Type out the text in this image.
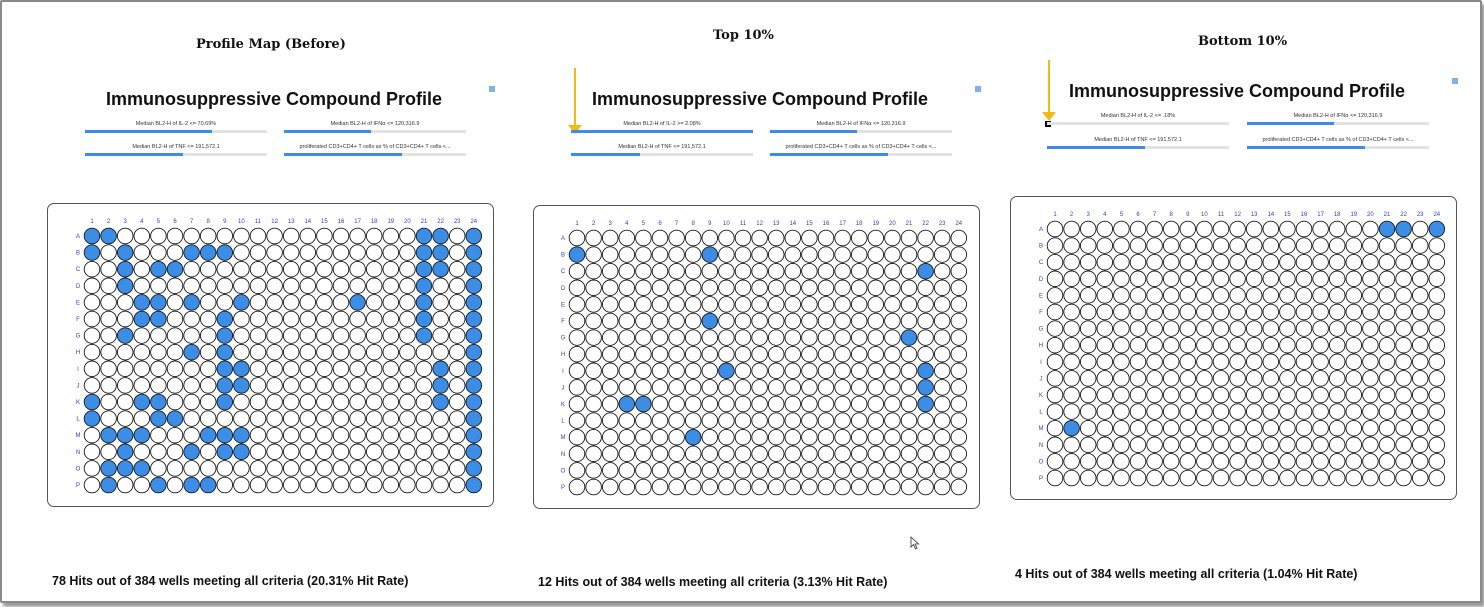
Profile Map (Before)
Immunosuppressive Compound Profile
Median BL2-H of IL-2 <= 70.69%	Median BL2-H of IFNα <= 120,316.9
Median BL2-H of TNF <= 191,572.1	proliferated CD3+CD4+ T cells as % of CD3+CD4+ T cells <...
1 2 3 4 5 6 7 8 9 10 11 12 13 14 15 16 17 18 19 20 21 22 23 24
A
B
C
D
E
F
G
H
I
J
K
L
M
N
O
P
78 Hits out of 384 wells meeting all criteria (20.31% Hit Rate)
Top 10%
Immunosuppressive Compound Profile
Median BL2-H of IL-2 >= 2.08%	Median BL2-H of IFNα <= 120,316.9
Median BL2-H of TNF <= 191,572.1	proliferated CD3+CD4+ T cells as % of CD3+CD4+ T cells <...
1 2 3 4 5 6 7 8 9 10 11 12 13 14 15 16 17 18 19 20 21 22 23 24
A
B
C
D
E
F
G
H
I
J
K
L
M
N
O
P
12 Hits out of 384 wells meeting all criteria (3.13% Hit Rate)
Bottom 10%
Immunosuppressive Compound Profile
Median BL2-H of IL-2 <= .18%	Median BL2-H of IFNα <= 120,316.9
Median BL2-H of TNF <= 191,572.1	proliferated CD3+CD4+ T cells as % of CD3+CD4+ T cells <...
1 2 3 4 5 6 7 8 9 10 11 12 13 14 15 16 17 18 19 20 21 22 23 24
A
B
C
D
E
F
G
H
I
J
K
L
M
N
O
P
4 Hits out of 384 wells meeting all criteria (1.04% Hit Rate)
